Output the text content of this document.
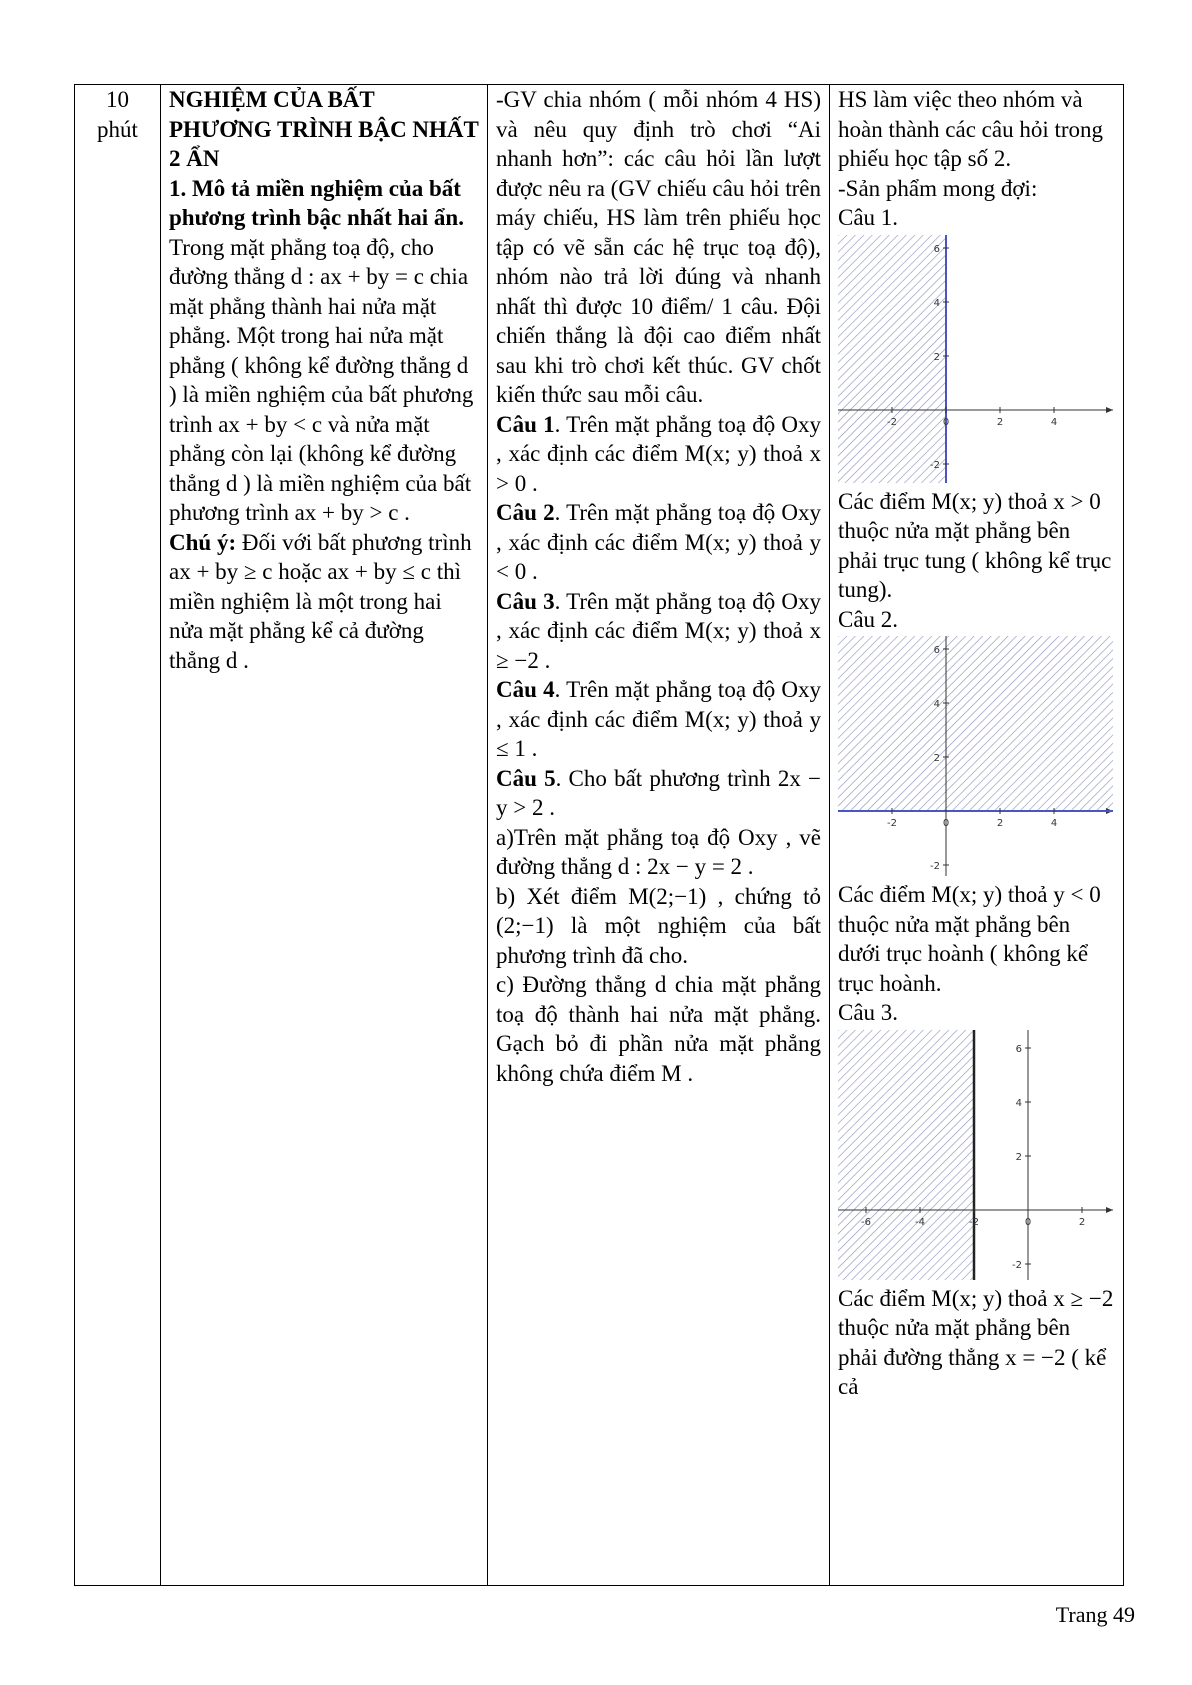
10
phút

NGHIỆM CỦA BẤT PHƯƠNG TRÌNH BẬC NHẤT 2 ẨN
1. Mô tả miền nghiệm của bất phương trình bậc nhất hai ẩn.
Trong mặt phẳng toạ độ, cho đường thẳng d : ax + by = c chia mặt phẳng thành hai nửa mặt phẳng. Một trong hai nửa mặt phẳng ( không kể đường thẳng d ) là miền nghiệm của bất phương trình ax + by < c và nửa mặt phẳng còn lại (không kể đường thẳng d ) là miền nghiệm của bất phương trình ax + by > c .
Chú ý: Đối với bất phương trình ax + by ≥ c hoặc ax + by ≤ c thì miền nghiệm là một trong hai nửa mặt phẳng kể cả đường thẳng d .

-GV chia nhóm ( mỗi nhóm 4 HS) và nêu quy định trò chơi “Ai nhanh hơn”: các câu hỏi lần lượt được nêu ra (GV chiếu câu hỏi trên máy chiếu, HS làm trên phiếu học tập có vẽ sẵn các hệ trục toạ độ), nhóm nào trả lời đúng và nhanh nhất thì được 10 điểm/ 1 câu. Đội chiến thắng là đội cao điểm nhất sau khi trò chơi kết thúc. GV chốt kiến thức sau mỗi câu.
Câu 1. Trên mặt phẳng toạ độ Oxy , xác định các điểm M(x; y) thoả x > 0 .
Câu 2. Trên mặt phẳng toạ độ Oxy , xác định các điểm M(x; y) thoả y < 0 .
Câu 3. Trên mặt phẳng toạ độ Oxy , xác định các điểm M(x; y) thoả x ≥ −2 .
Câu 4. Trên mặt phẳng toạ độ Oxy , xác định các điểm M(x; y) thoả y ≤ 1 .
Câu 5. Cho bất phương trình 2x − y > 2 .
a)Trên mặt phẳng toạ độ Oxy , vẽ đường thẳng d : 2x − y = 2 .
b) Xét điểm M(2;−1) , chứng tỏ (2;−1) là một nghiệm của bất phương trình đã cho.
c) Đường thẳng d chia mặt phẳng toạ độ thành hai nửa mặt phẳng. Gạch bỏ đi phần nửa mặt phẳng không chứa điểm M .

HS làm việc theo nhóm và hoàn thành các câu hỏi trong phiếu học tập số 2.
-Sản phẩm mong đợi:
Câu 1.
-2	0	2	4
6
4
2
-2
Các điểm M(x; y) thoả x > 0 thuộc nửa mặt phẳng bên phải trục tung ( không kể trục tung).
Câu 2.
-2	0	2	4
6
4
2
-2
Các điểm M(x; y) thoả y < 0 thuộc nửa mặt phẳng bên dưới trục hoành ( không kể trục hoành.
Câu 3.
-6	-4	-2	0	2
6
4
2
-2
Các điểm M(x; y) thoả x ≥ −2 thuộc nửa mặt phẳng bên phải đường thẳng x = −2 ( kể cả
Trang 49
